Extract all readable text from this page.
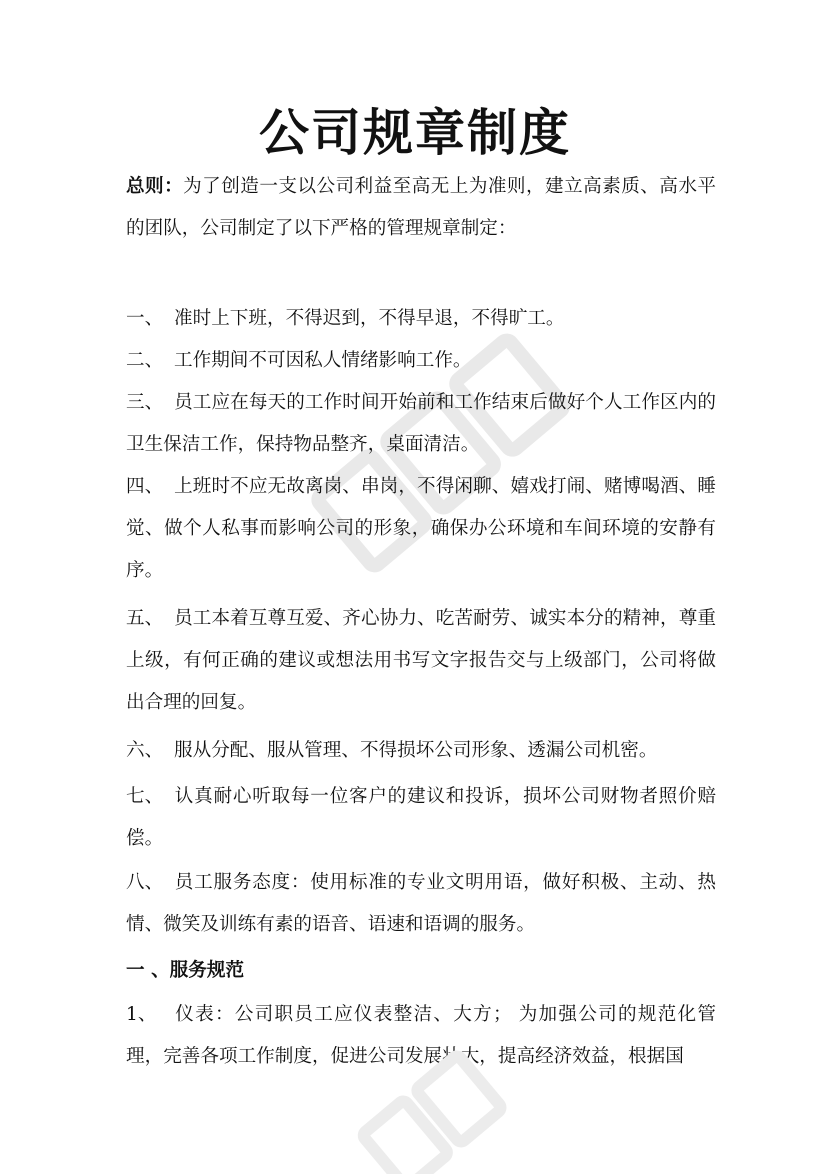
公司规章制度
总则：为了创造一支以公司利益至高无上为准则，建立高素质、高水平的团队，公司制定了以下严格的管理规章制定：
一、 准时上下班，不得迟到，不得早退，不得旷工。
二、 工作期间不可因私人情绪影响工作。
三、 员工应在每天的工作时间开始前和工作结束后做好个人工作区内的卫生保洁工作，保持物品整齐，桌面清洁。
四、 上班时不应无故离岗、串岗，不得闲聊、嬉戏打闹、赌博喝酒、睡觉、做个人私事而影响公司的形象，确保办公环境和车间环境的安静有序。
五、 员工本着互尊互爱、齐心协力、吃苦耐劳、诚实本分的精神，尊重上级，有何正确的建议或想法用书写文字报告交与上级部门，公司将做出合理的回复。
六、 服从分配、服从管理、不得损坏公司形象、透漏公司机密。
七、 认真耐心听取每一位客户的建议和投诉，损坏公司财物者照价赔偿。
八、 员工服务态度：使用标准的专业文明用语，做好积极、主动、热情、微笑及训练有素的语音、语速和语调的服务。
一 、服务规范
1、 仪表：公司职员工应仪表整洁、大方； 为加强公司的规范化管理，完善各项工作制度，促进公司发展壮大，提高经济效益，根据国
